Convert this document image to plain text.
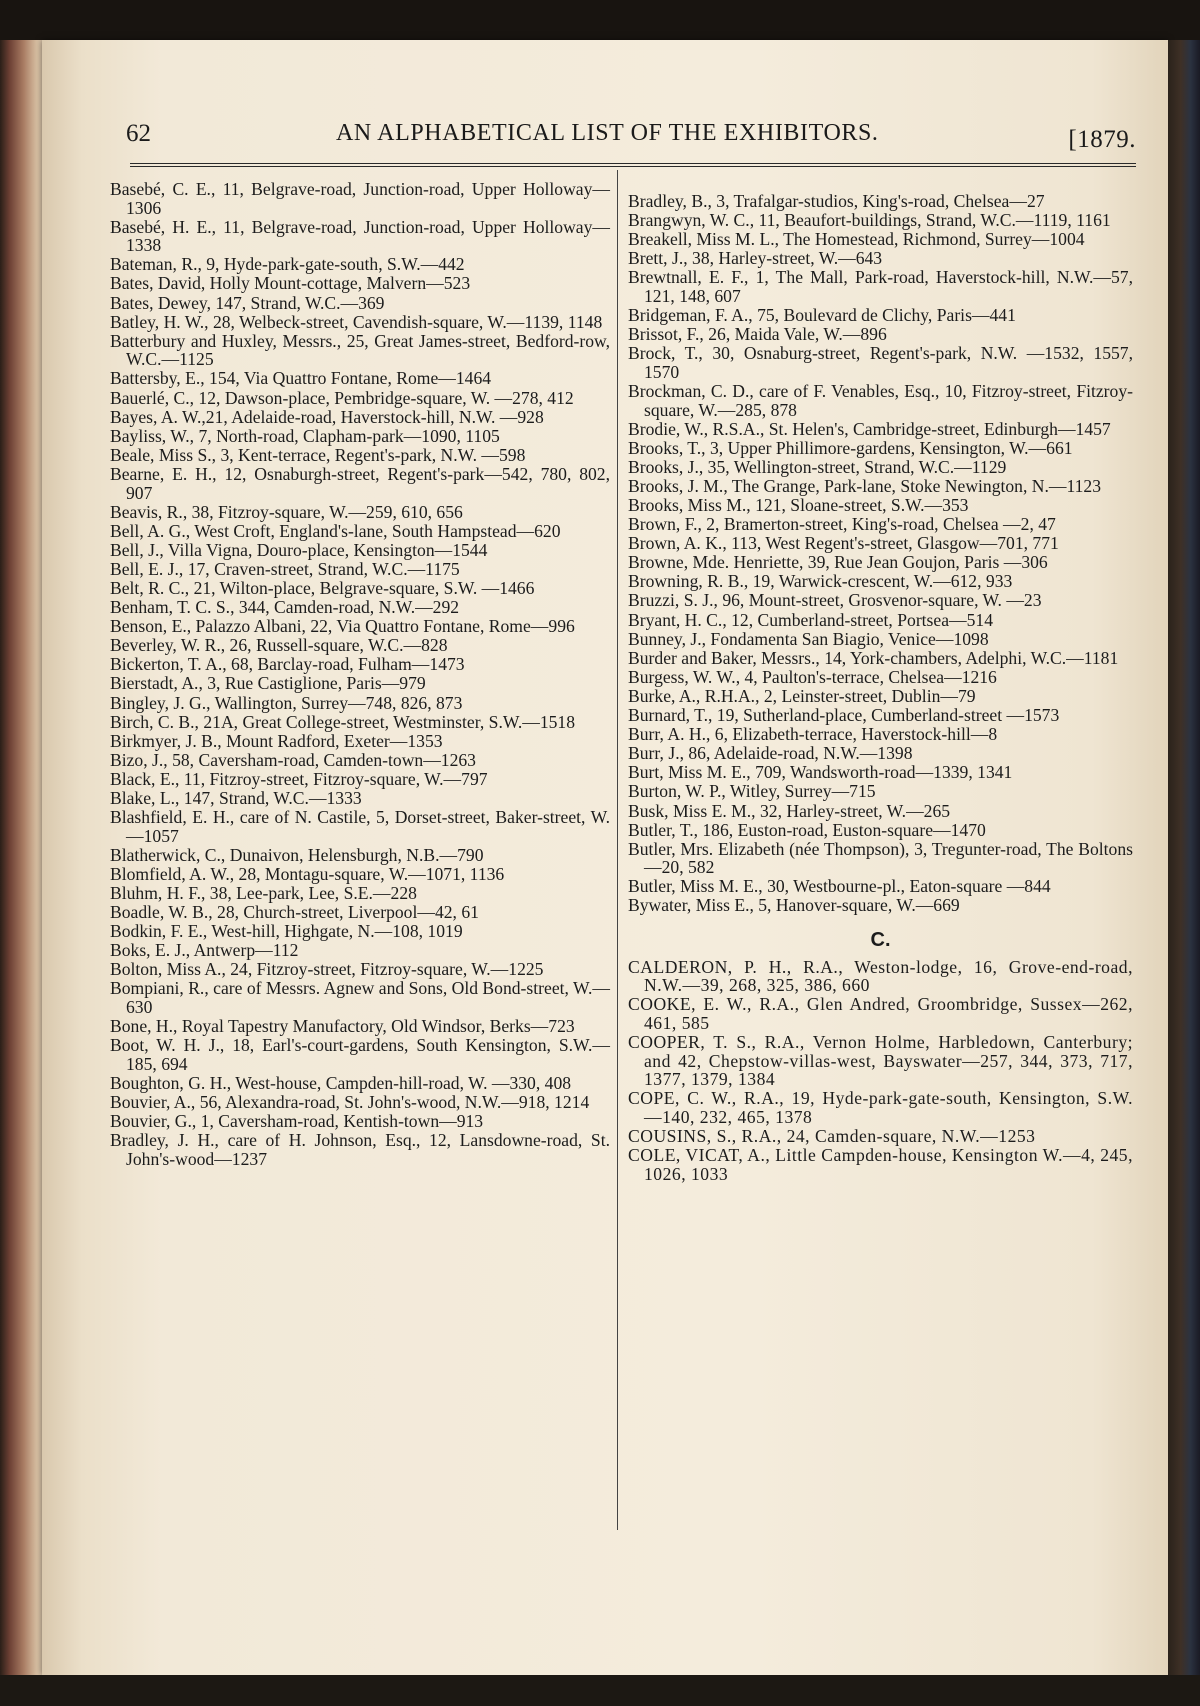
62	AN ALPHABETICAL LIST OF THE EXHIBITORS.	[1879.

Basebé, C. E., 11, Belgrave-road, Junction-road, Upper Holloway—1306

Basebé, H. E., 11, Belgrave-road, Junction-road, Upper Holloway—1338

Bateman, R., 9, Hyde-park-gate-south, S.W.—442

Bates, David, Holly Mount-cottage, Malvern—523

Bates, Dewey, 147, Strand, W.C.—369

Batley, H. W., 28, Welbeck-street, Cavendish-square, W.—1139, 1148

Batterbury and Huxley, Messrs., 25, Great James-street, Bedford-row, W.C.—1125

Battersby, E., 154, Via Quattro Fontane, Rome—1464

Bauerlé, C., 12, Dawson-place, Pembridge-square, W. —278, 412

Bayes, A. W.,21, Adelaide-road, Haverstock-hill, N.W. —928

Bayliss, W., 7, North-road, Clapham-park—1090, 1105

Beale, Miss S., 3, Kent-terrace, Regent's-park, N.W. —598

Bearne, E. H., 12, Osnaburgh-street, Regent's-park—542, 780, 802, 907

Beavis, R., 38, Fitzroy-square, W.—259, 610, 656

Bell, A. G., West Croft, England's-lane, South Hampstead—620

Bell, J., Villa Vigna, Douro-place, Kensington—1544

Bell, E. J., 17, Craven-street, Strand, W.C.—1175

Belt, R. C., 21, Wilton-place, Belgrave-square, S.W. —1466

Benham, T. C. S., 344, Camden-road, N.W.—292

Benson, E., Palazzo Albani, 22, Via Quattro Fontane, Rome—996

Beverley, W. R., 26, Russell-square, W.C.—828

Bickerton, T. A., 68, Barclay-road, Fulham—1473

Bierstadt, A., 3, Rue Castiglione, Paris—979

Bingley, J. G., Wallington, Surrey—748, 826, 873

Birch, C. B., 21A, Great College-street, Westminster, S.W.—1518

Birkmyer, J. B., Mount Radford, Exeter—1353

Bizo, J., 58, Caversham-road, Camden-town—1263

Black, E., 11, Fitzroy-street, Fitzroy-square, W.—797

Blake, L., 147, Strand, W.C.—1333

Blashfield, E. H., care of N. Castile, 5, Dorset-street, Baker-street, W.—1057

Blatherwick, C., Dunaivon, Helensburgh, N.B.—790

Blomfield, A. W., 28, Montagu-square, W.—1071, 1136

Bluhm, H. F., 38, Lee-park, Lee, S.E.—228

Boadle, W. B., 28, Church-street, Liverpool—42, 61

Bodkin, F. E., West-hill, Highgate, N.—108, 1019

Boks, E. J., Antwerp—112

Bolton, Miss A., 24, Fitzroy-street, Fitzroy-square, W.—1225

Bompiani, R., care of Messrs. Agnew and Sons, Old Bond-street, W.—630

Bone, H., Royal Tapestry Manufactory, Old Windsor, Berks—723

Boot, W. H. J., 18, Earl's-court-gardens, South Kensington, S.W.—185, 694

Boughton, G. H., West-house, Campden-hill-road, W. —330, 408

Bouvier, A., 56, Alexandra-road, St. John's-wood, N.W.—918, 1214

Bouvier, G., 1, Caversham-road, Kentish-town—913

Bradley, J. H., care of H. Johnson, Esq., 12, Lansdowne-road, St. John's-wood—1237

Bradley, B., 3, Trafalgar-studios, King's-road, Chelsea—27

Brangwyn, W. C., 11, Beaufort-buildings, Strand, W.C.—1119, 1161

Breakell, Miss M. L., The Homestead, Richmond, Surrey—1004

Brett, J., 38, Harley-street, W.—643

Brewtnall, E. F., 1, The Mall, Park-road, Haverstock-hill, N.W.—57, 121, 148, 607

Bridgeman, F. A., 75, Boulevard de Clichy, Paris—441

Brissot, F., 26, Maida Vale, W.—896

Brock, T., 30, Osnaburg-street, Regent's-park, N.W. —1532, 1557, 1570

Brockman, C. D., care of F. Venables, Esq., 10, Fitzroy-street, Fitzroy-square, W.—285, 878

Brodie, W., R.S.A., St. Helen's, Cambridge-street, Edinburgh—1457

Brooks, T., 3, Upper Phillimore-gardens, Kensington, W.—661

Brooks, J., 35, Wellington-street, Strand, W.C.—1129

Brooks, J. M., The Grange, Park-lane, Stoke Newington, N.—1123

Brooks, Miss M., 121, Sloane-street, S.W.—353

Brown, F., 2, Bramerton-street, King's-road, Chelsea —2, 47

Brown, A. K., 113, West Regent's-street, Glasgow—701, 771

Browne, Mde. Henriette, 39, Rue Jean Goujon, Paris —306

Browning, R. B., 19, Warwick-crescent, W.—612, 933

Bruzzi, S. J., 96, Mount-street, Grosvenor-square, W. —23

Bryant, H. C., 12, Cumberland-street, Portsea—514

Bunney, J., Fondamenta San Biagio, Venice—1098

Burder and Baker, Messrs., 14, York-chambers, Adelphi, W.C.—1181

Burgess, W. W., 4, Paulton's-terrace, Chelsea—1216

Burke, A., R.H.A., 2, Leinster-street, Dublin—79

Burnard, T., 19, Sutherland-place, Cumberland-street —1573

Burr, A. H., 6, Elizabeth-terrace, Haverstock-hill—8

Burr, J., 86, Adelaide-road, N.W.—1398

Burt, Miss M. E., 709, Wandsworth-road—1339, 1341

Burton, W. P., Witley, Surrey—715

Busk, Miss E. M., 32, Harley-street, W.—265

Butler, T., 186, Euston-road, Euston-square—1470

Butler, Mrs. Elizabeth (née Thompson), 3, Tregunter-road, The Boltons—20, 582

Butler, Miss M. E., 30, Westbourne-pl., Eaton-square —844

Bywater, Miss E., 5, Hanover-square, W.—669

C.

CALDERON, P. H., R.A., Weston-lodge, 16, Grove-end-road, N.W.—39, 268, 325, 386, 660

COOKE, E. W., R.A., Glen Andred, Groombridge, Sussex—262, 461, 585

COOPER, T. S., R.A., Vernon Holme, Harbledown, Canterbury; and 42, Chepstow-villas-west, Bayswater—257, 344, 373, 717, 1377, 1379, 1384

COPE, C. W., R.A., 19, Hyde-park-gate-south, Kensington, S.W.—140, 232, 465, 1378

COUSINS, S., R.A., 24, Camden-square, N.W.—1253

COLE, VICAT, A., Little Campden-house, Kensington W.—4, 245, 1026, 1033
